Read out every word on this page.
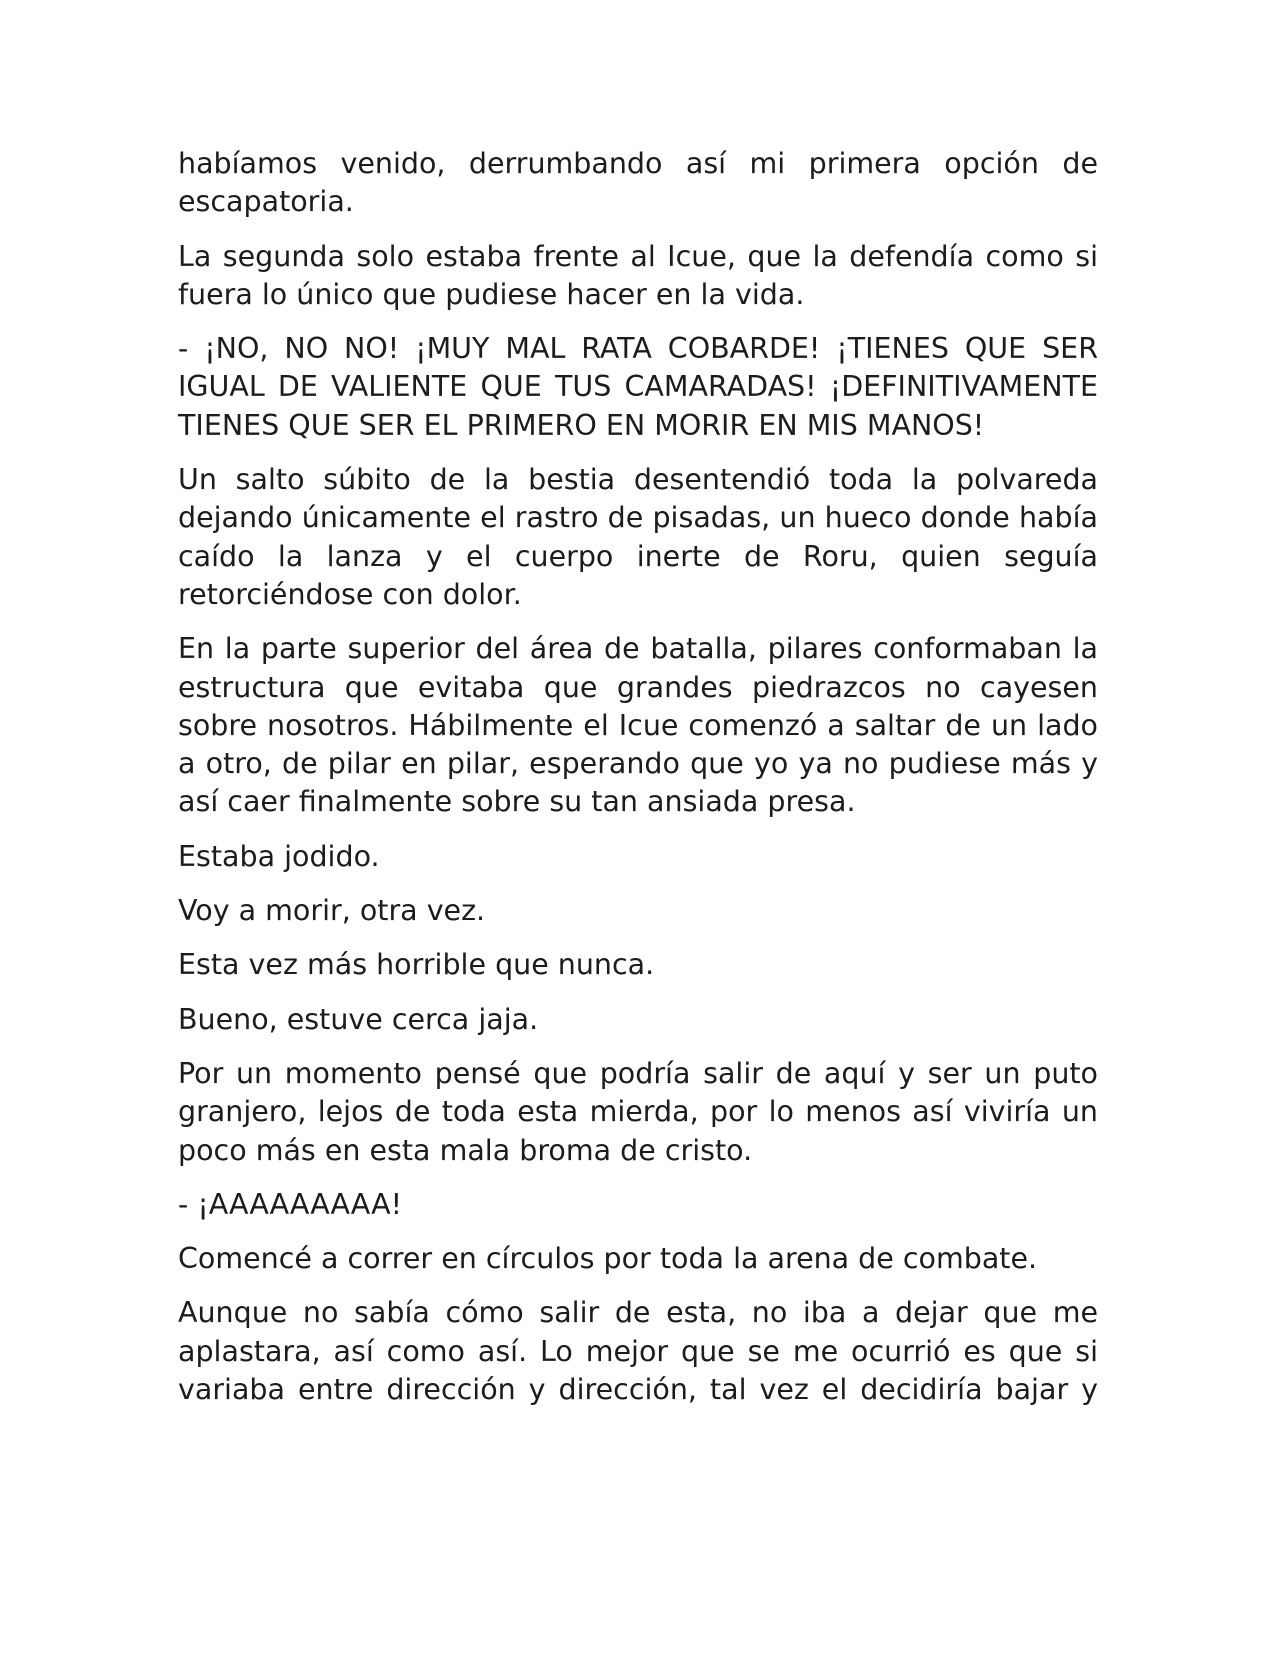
habíamos venido, derrumbando así mi primera opción de escapatoria.

La segunda solo estaba frente al Icue, que la defendía como si fuera lo único que pudiese hacer en la vida.

- ¡NO, NO NO! ¡MUY MAL RATA COBARDE! ¡TIENES QUE SER IGUAL DE VALIENTE QUE TUS CAMARADAS! ¡DEFINITIVAMENTE TIENES QUE SER EL PRIMERO EN MORIR EN MIS MANOS!

Un salto súbito de la bestia desentendió toda la polvareda dejando únicamente el rastro de pisadas, un hueco donde había caído la lanza y el cuerpo inerte de Roru, quien seguía retorciéndose con dolor.

En la parte superior del área de batalla, pilares conformaban la estructura que evitaba que grandes piedrazcos no cayesen sobre nosotros. Hábilmente el Icue comenzó a saltar de un lado a otro, de pilar en pilar, esperando que yo ya no pudiese más y así caer finalmente sobre su tan ansiada presa.

Estaba jodido.

Voy a morir, otra vez.

Esta vez más horrible que nunca.

Bueno, estuve cerca jaja.

Por un momento pensé que podría salir de aquí y ser un puto granjero, lejos de toda esta mierda, por lo menos así viviría un poco más en esta mala broma de cristo.

- ¡AAAAAAAAA!

Comencé a correr en círculos por toda la arena de combate.

Aunque no sabía cómo salir de esta, no iba a dejar que me aplastara, así como así. Lo mejor que se me ocurrió es que si variaba entre dirección y dirección, tal vez el decidiría bajar y
